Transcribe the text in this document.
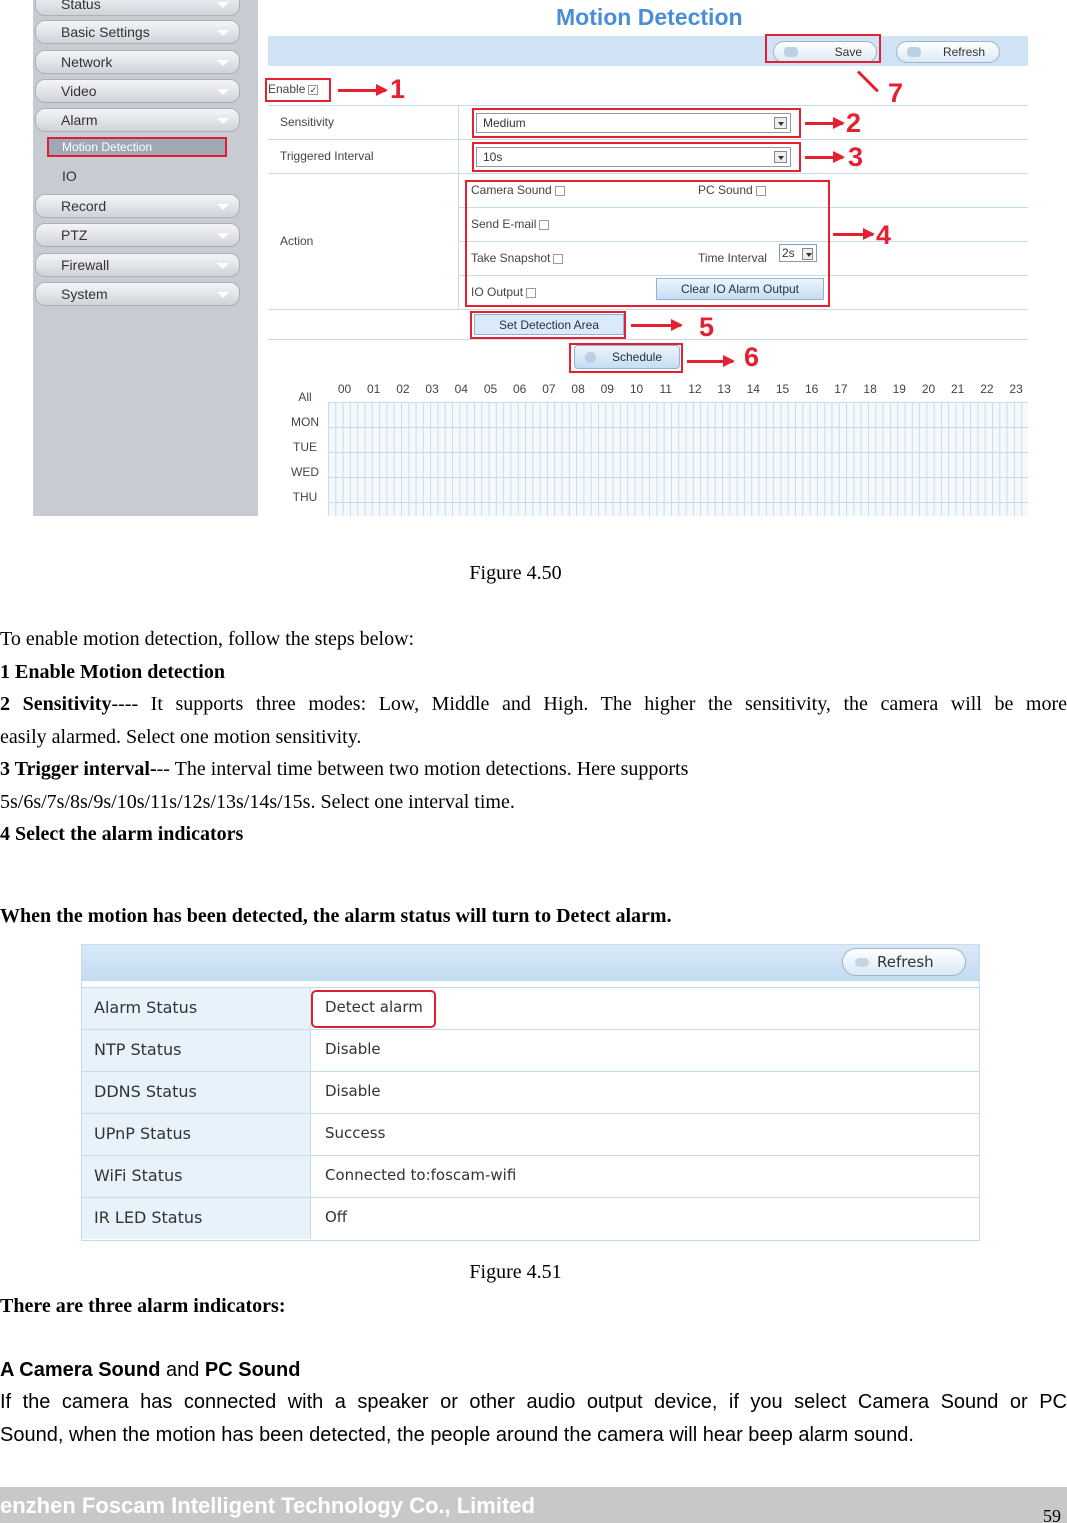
Status
Basic Settings
Network
Video
Alarm
Motion Detection
IO
Record
PTZ
Firewall
System
Motion Detection
Save	Refresh
Enable✓
Sensitivity	Medium
Triggered Interval	10s
Action
Camera Sound	PC Sound
Send E-mail
Take Snapshot	Time Interval 2s
IO Output	Clear IO Alarm Output
Set Detection Area
Schedule
All
00	01	02	03	04	05	06	07	08	09	10	11	12	13	14	15	16	17	18	19	20	21	22	23
MON
TUE
WED
THU
1
2
3
4
5
6
7
Figure 4.50
To enable motion detection, follow the steps below:
1 Enable Motion detection
2 Sensitivity---- It supports three modes: Low, Middle and High. The higher the sensitivity, the camera will be more
easily alarmed. Select one motion sensitivity.
3 Trigger interval--- The interval time between two motion detections. Here supports
5s/6s/7s/8s/9s/10s/11s/12s/13s/14s/15s. Select one interval time.
4 Select the alarm indicators
When the motion has been detected, the alarm status will turn to Detect alarm.
Refresh
Alarm Status	Detect alarm
NTP Status	Disable
DDNS Status	Disable
UPnP Status	Success
WiFi Status	Connected to:foscam-wifi
IR LED Status	Off
Figure 4.51
There are three alarm indicators:
A Camera Sound and PC Sound
If the camera has connected with a speaker or other audio output device, if you select Camera Sound or PC
Sound, when the motion has been detected, the people around the camera will hear beep alarm sound.
enzhen Foscam Intelligent Technology Co., Limited	59
